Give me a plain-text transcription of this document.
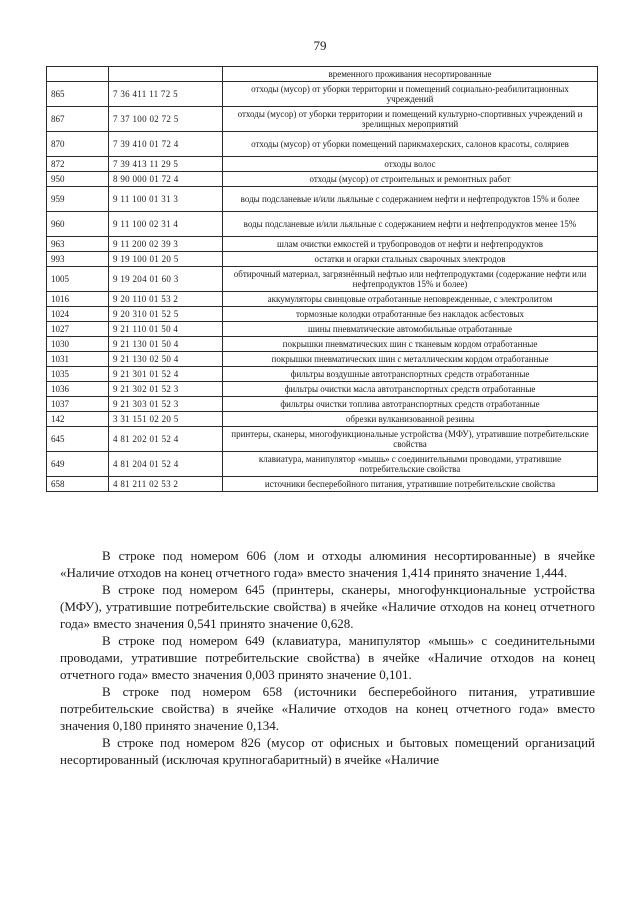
79
		временного проживания несортированные
865	7 36 411 11 72 5	отходы (мусор) от уборки территории и помещений социально-реабилитационных учреждений
867	7 37 100 02 72 5	отходы (мусор) от уборки территории и помещений культурно-спортивных учреждений и зрелищных мероприятий
870	7 39 410 01 72 4	отходы (мусор) от уборки помещений парикмахерских, салонов красоты, соляриев
872	7 39 413 11 29 5	отходы волос
950	8 90 000 01 72 4	отходы (мусор) от строительных и ремонтных работ
959	9 11 100 01 31 3	воды подсланевые и/или льяльные с содержанием нефти и нефтепродуктов 15% и более
960	9 11 100 02 31 4	воды подсланевые и/или льяльные с содержанием нефти и нефтепродуктов менее 15%
963	9 11 200 02 39 3	шлам очистки емкостей и трубопроводов от нефти и нефтепродуктов
993	9 19 100 01 20 5	остатки и огарки стальных сварочных электродов
1005	9 19 204 01 60 3	обтирочный материал, загрязнённый нефтью или нефтепродуктами (содержание нефти или нефтепродуктов 15% и более)
1016	9 20 110 01 53 2	аккумуляторы свинцовые отработанные неповрежденные, с электролитом
1024	9 20 310 01 52 5	тормозные колодки отработанные без накладок асбестовых
1027	9 21 110 01 50 4	шины пневматические автомобильные отработанные
1030	9 21 130 01 50 4	покрышки пневматических шин с тканевым кордом отработанные
1031	9 21 130 02 50 4	покрышки пневматических шин с металлическим кордом отработанные
1035	9 21 301 01 52 4	фильтры воздушные автотранспортных средств отработанные
1036	9 21 302 01 52 3	фильтры очистки масла автотранспортных средств отработанные
1037	9 21 303 01 52 3	фильтры очистки топлива автотранспортных средств отработанные
142	3 31 151 02 20 5	обрезки вулканизованной резины
645	4 81 202 01 52 4	принтеры, сканеры, многофункциональные устройства (МФУ), утратившие потребительские свойства
649	4 81 204 01 52 4	клавиатура, манипулятор «мышь» с соединительными проводами, утратившие потребительские свойства
658	4 81 211 02 53 2	источники бесперебойного питания, утратившие потребительские свойства

В строке под номером 606 (лом и отходы алюминия несортированные) в ячейке «Наличие отходов на конец отчетного года» вместо значения 1,414 принято значение 1,444.

В строке под номером 645 (принтеры, сканеры, многофункциональные устройства (МФУ), утратившие потребительские свойства) в ячейке «Наличие отходов на конец отчетного года» вместо значения 0,541 принято значение 0,628.

В строке под номером 649 (клавиатура, манипулятор «мышь» с соединительными проводами, утратившие потребительские свойства) в ячейке «Наличие отходов на конец отчетного года» вместо значения 0,003 принято значение 0,101.

В строке под номером 658 (источники бесперебойного питания, утратившие потребительские свойства) в ячейке «Наличие отходов на конец отчетного года» вместо значения 0,180 принято значение 0,134.

В строке под номером 826 (мусор от офисных и бытовых помещений организаций несортированный (исключая крупногабаритный) в ячейке «Наличие
